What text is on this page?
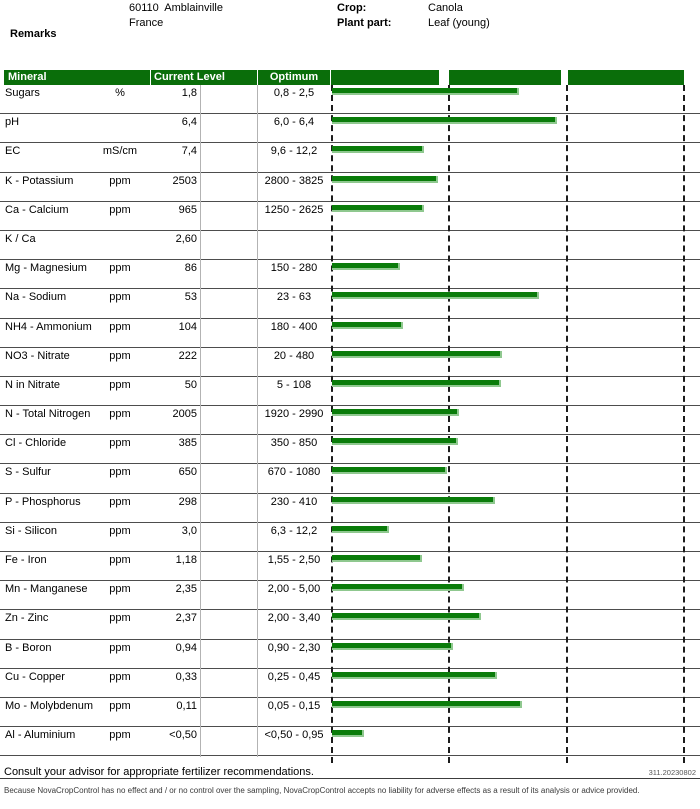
60110  Amblainville
France
Crop:	Canola
Plant part:	Leaf (young)
Remarks
Mineral	Current Level	Optimum
Sugars	%	1,8	0,8 - 2,5
pH	6,4	6,0 - 6,4
EC	mS/cm	7,4	9,6 - 12,2
K - Potassium	ppm	2503	2800 - 3825
Ca - Calcium	ppm	965	1250 - 2625
K / Ca	2,60
Mg - Magnesium	ppm	86	150 - 280
Na - Sodium	ppm	53	23 - 63
NH4 - Ammonium	ppm	104	180 - 400
NO3 - Nitrate	ppm	222	20 - 480
N in Nitrate	ppm	50	5 - 108
N - Total Nitrogen	ppm	2005	1920 - 2990
Cl - Chloride	ppm	385	350 - 850
S - Sulfur	ppm	650	670 - 1080
P - Phosphorus	ppm	298	230 - 410
Si - Silicon	ppm	3,0	6,3 - 12,2
Fe - Iron	ppm	1,18	1,55 - 2,50
Mn - Manganese	ppm	2,35	2,00 - 5,00
Zn - Zinc	ppm	2,37	2,00 - 3,40
B - Boron	ppm	0,94	0,90 - 2,30
Cu - Copper	ppm	0,33	0,25 - 0,45
Mo - Molybdenum	ppm	0,11	0,05 - 0,15
Al - Aluminium	ppm	<0,50	<0,50 - 0,95
Consult your advisor for appropriate fertilizer recommendations.	311.20230802
Because NovaCropControl has no effect and / or no control over the sampling, NovaCropControl accepts no liability for adverse effects as a result of its analysis or advice provided.
